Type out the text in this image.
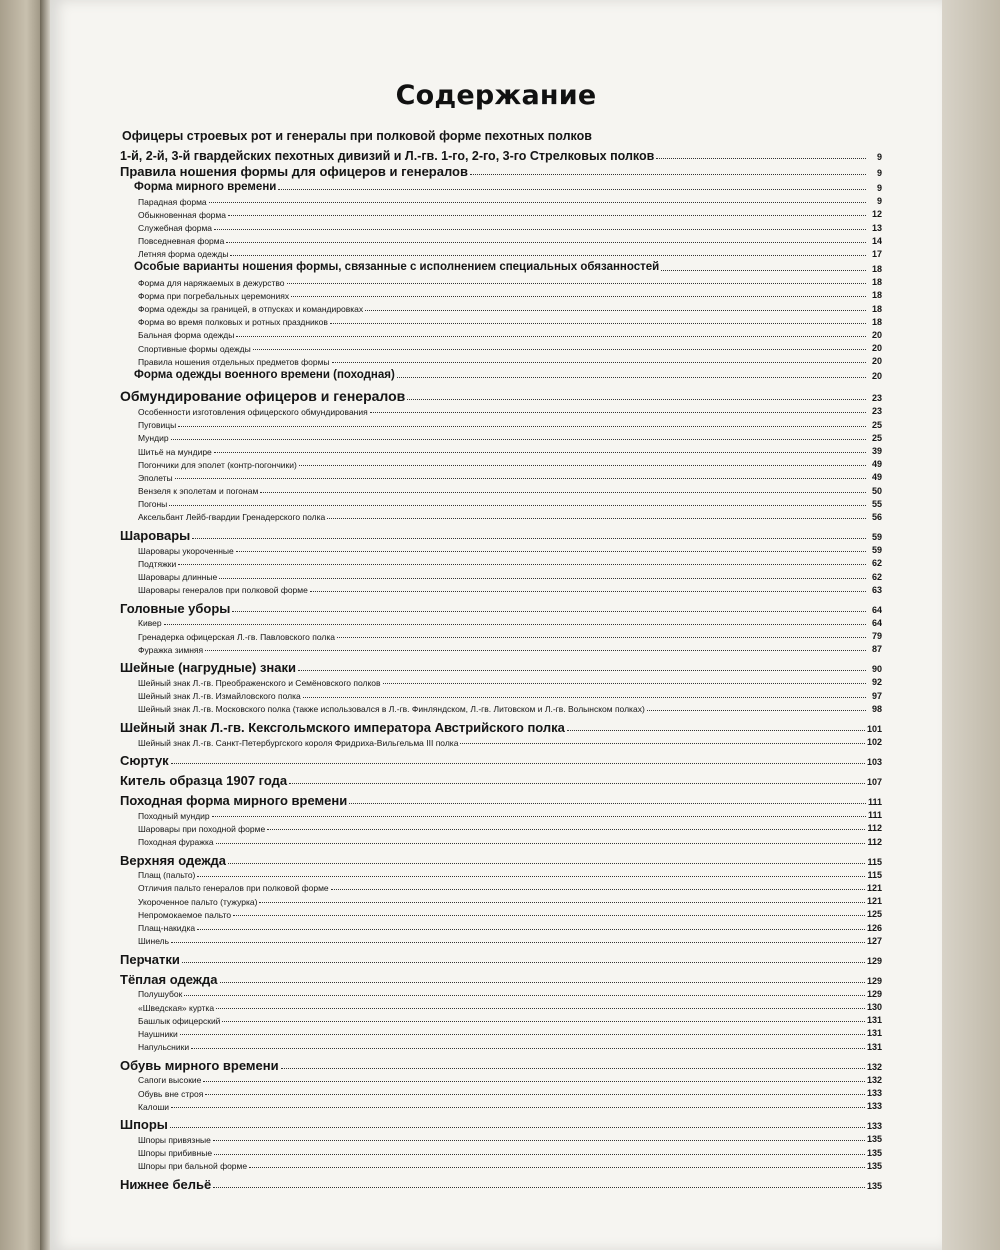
Содержание
Офицеры строевых рот и генералы при полковой форме пехотных полков
1-й, 2-й, 3-й гвардейских пехотных дивизий и Л.-гв. 1-го, 2-го, 3-го Стрелковых полков	9
Правила ношения формы для офицеров и генералов	9
Форма мирного времени	9
Парадная форма	9
Обыкновенная форма	12
Служебная форма	13
Повседневная форма	14
Летняя форма одежды	17
Особые варианты ношения формы, связанные с исполнением специальных обязанностей	18
Форма для наряжаемых в дежурство	18
Форма при погребальных церемониях	18
Форма одежды за границей, в отпусках и командировках	18
Форма во время полковых и ротных праздников	18
Бальная форма одежды	20
Спортивные формы одежды	20
Правила ношения отдельных предметов формы	20
Форма одежды военного времени (походная)	20
Обмундирование офицеров и генералов	23
Особенности изготовления офицерского обмундирования	23
Пуговицы	25
Мундир	25
Шитьё на мундире	39
Погончики для эполет (контр-погончики)	49
Эполеты	49
Вензеля к эполетам и погонам	50
Погоны	55
Аксельбант Лейб-гвардии Гренадерского полка	56
Шаровары	59
Шаровары укороченные	59
Подтяжки	62
Шаровары длинные	62
Шаровары генералов при полковой форме	63
Головные уборы	64
Кивер	64
Гренадерка офицерская Л.-гв. Павловского полка	79
Фуражка зимняя	87
Шейные (нагрудные) знаки	90
Шейный знак Л.-гв. Преображенского и Семёновского полков	92
Шейный знак Л.-гв. Измайловского полка	97
Шейный знак Л.-гв. Московского полка (также использовался в Л.-гв. Финляндском, Л.-гв. Литовском и Л.-гв. Волынском полках)	98
Шейный знак Л.-гв. Кексгольмского императора Австрийского полка	101
Шейный знак Л.-гв. Санкт-Петербургского короля Фридриха-Вильгельма III полка	102
Сюртук	103
Китель образца 1907 года	107
Походная форма мирного времени	111
Походный мундир	111
Шаровары при походной форме	112
Походная фуражка	112
Верхняя одежда	115
Плащ (пальто)	115
Отличия пальто генералов при полковой форме	121
Укороченное пальто (тужурка)	121
Непромокаемое пальто	125
Плащ-накидка	126
Шинель	127
Перчатки	129
Тёплая одежда	129
Полушубок	129
«Шведская» куртка	130
Башлык офицерский	131
Наушники	131
Напульсники	131
Обувь мирного времени	132
Сапоги высокие	132
Обувь вне строя	133
Калоши	133
Шпоры	133
Шпоры привязные	135
Шпоры прибивные	135
Шпоры при бальной форме	135
Нижнее бельё	135
